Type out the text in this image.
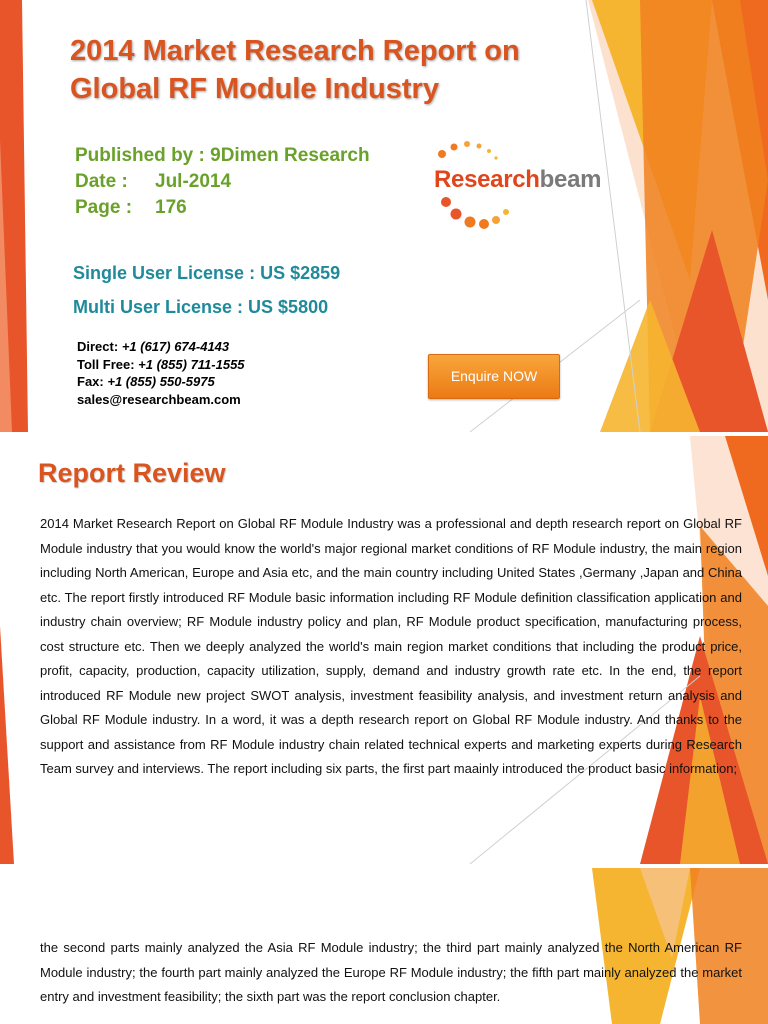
2014 Market Research Report on Global RF Module Industry
Published by : 9Dimen Research
Date : Jul-2014
Page : 176
Researchbeam
Single User License : US $2859
Multi User License : US $5800
Direct: +1 (617) 674-4143
Toll Free: +1 (855) 711-1555
Fax: +1 (855) 550-5975
sales@researchbeam.com
Enquire NOW
Report Review
2014 Market Research Report on Global RF Module Industry was a professional and depth research report on Global RF Module industry that you would know the world's major regional market conditions of RF Module industry, the main region including North American, Europe and Asia etc, and the main country including United States ,Germany ,Japan and China etc. The report firstly introduced RF Module basic information including RF Module definition classification application and industry chain overview; RF Module industry policy and plan, RF Module product specification, manufacturing process, cost structure etc. Then we deeply analyzed the world's main region market conditions that including the product price, profit, capacity, production, capacity utilization, supply, demand and industry growth rate etc. In the end, the report introduced RF Module new project SWOT analysis, investment feasibility analysis, and investment return analysis and Global RF Module industry. In a word, it was a depth research report on Global RF Module industry. And thanks to the support and assistance from RF Module industry chain related technical experts and marketing experts during Research Team survey and interviews. The report including six parts, the first part maainly introduced the product basic information;
the second parts mainly analyzed the Asia RF Module industry; the third part mainly analyzed the North American RF Module industry; the fourth part mainly analyzed the Europe RF Module industry; the fifth part mainly analyzed the market entry and investment feasibility; the sixth part was the report conclusion chapter.
